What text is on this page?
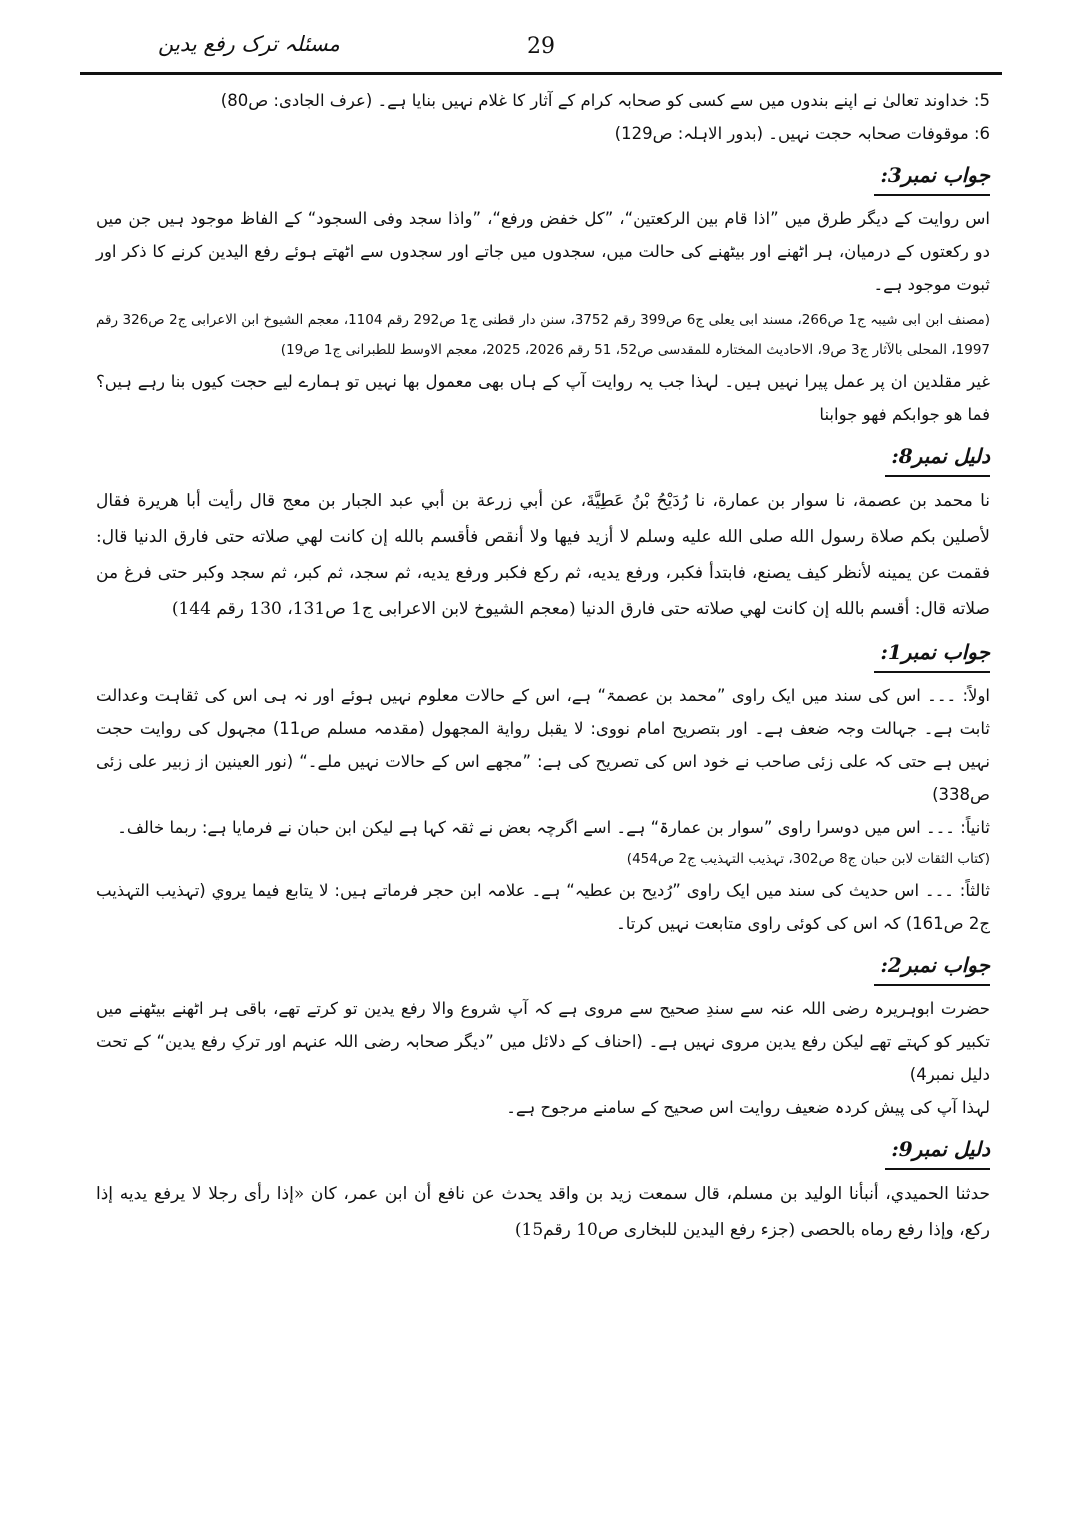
مسئلہ ترک رفع یدین	29

5: خداوند تعالیٰ نے اپنے بندوں میں سے کسی کو صحابہ کرام کے آثار کا غلام نہیں بنایا ہے۔ (عرف الجادی: ص80)

6: موقوفات صحابہ حجت نہیں۔ (بدور الاہلہ: ص129)

جواب نمبر3:

اس روایت کے دیگر طرق میں ”اذا قام بین الرکعتین“، ”کل خفض ورفع“، ”واذا سجد وفی السجود“ کے الفاظ موجود ہیں جن میں دو رکعتوں کے درمیان، ہر اٹھنے اور بیٹھنے کی حالت میں، سجدوں میں جاتے اور سجدوں سے اٹھتے ہوئے رفع الیدین کرنے کا ذکر اور ثبوت موجود ہے۔

(مصنف ابن ابی شیبہ ج1 ص266، مسند ابی یعلی ج6 ص399 رقم 3752، سنن دار قطنی ج1 ص292 رقم 1104، معجم الشیوخ ابن الاعرابی ج2 ص326 رقم 1997، المحلی بالآثار ج3 ص9، الاحادیث المختارہ للمقدسی ص52، 51 رقم 2026، 2025، معجم الاوسط للطبرانی ج1 ص19)

غیر مقلدین ان پر عمل پیرا نہیں ہیں۔ لہذا جب یہ روایت آپ کے ہاں بھی معمول بھا نہیں تو ہمارے لیے حجت کیوں بنا رہے ہیں؟ فما هو جوابكم فهو جوابنا

دلیل نمبر8:

نا محمد بن عصمة، نا سوار بن عمارة، نا رُدَيْحُ بْنُ عَطِيَّةَ، عن أبي زرعة بن أبي عبد الجبار بن معج قال رأيت أبا هريرة فقال لأصلين بكم صلاة رسول الله صلى الله عليه وسلم لا أزيد فيها ولا أنقص فأقسم بالله إن كانت لهي صلاته حتى فارق الدنيا قال: فقمت عن يمينه لأنظر كيف يصنع، فابتدأ فكبر، ورفع يديه، ثم ركع فكبر ورفع يديه، ثم سجد، ثم كبر، ثم سجد وكبر حتى فرغ من صلاته قال: أقسم بالله إن كانت لهي صلاته حتى فارق الدنيا (معجم الشیوخ لابن الاعرابی ج1 ص131، 130 رقم 144)

جواب نمبر1:

اولاً: ۔۔۔ اس کی سند میں ایک راوی ”محمد بن عصمۃ“ ہے، اس کے حالات معلوم نہیں ہوئے اور نہ ہی اس کی ثقاہت وعدالت ثابت ہے۔ جہالت وجہ ضعف ہے۔ اور بتصریح امام نووی: لا يقبل رواية المجهول (مقدمہ مسلم ص11) مجہول کی روایت حجت نہیں ہے حتی کہ علی زئی صاحب نے خود اس کی تصریح کی ہے: ”مجھے اس کے حالات نہیں ملے۔“ (نور العینین از زبیر علی زئی ص338)

ثانیاً: ۔۔۔ اس میں دوسرا راوی ”سوار بن عمارۃ“ ہے۔ اسے اگرچہ بعض نے ثقہ کہا ہے لیکن ابن حبان نے فرمایا ہے: ربما خالف۔

(کتاب الثقات لابن حبان ج8 ص302، تہذیب التہذیب ج2 ص454)

ثالثاً: ۔۔۔ اس حدیث کی سند میں ایک راوی ”رُدیح بن عطیہ“ ہے۔ علامہ ابن حجر فرماتے ہیں: لا يتابع فيما يروي (تہذیب التہذیب ج2 ص161) کہ اس کی کوئی راوی متابعت نہیں کرتا۔

جواب نمبر2:

حضرت ابوہریرہ رضی اللہ عنہ سے سندِ صحیح سے مروی ہے کہ آپ شروع والا رفع یدین تو کرتے تھے، باقی ہر اٹھنے بیٹھنے میں تکبیر کو کہتے تھے لیکن رفع یدین مروی نہیں ہے۔ (احناف کے دلائل میں ”دیگر صحابہ رضی اللہ عنہم اور ترکِ رفع یدین“ کے تحت دلیل نمبر4)

لہذا آپ کی پیش کردہ ضعیف روایت اس صحیح کے سامنے مرجوح ہے۔

دلیل نمبر9:

حدثنا الحميدي، أنبأنا الوليد بن مسلم، قال سمعت زيد بن واقد يحدث عن نافع أن ابن عمر، كان «إذا رأى رجلا لا يرفع يديه إذا ركع، وإذا رفع رماه بالحصى (جزء رفع الیدین للبخاری ص10 رقم15)
